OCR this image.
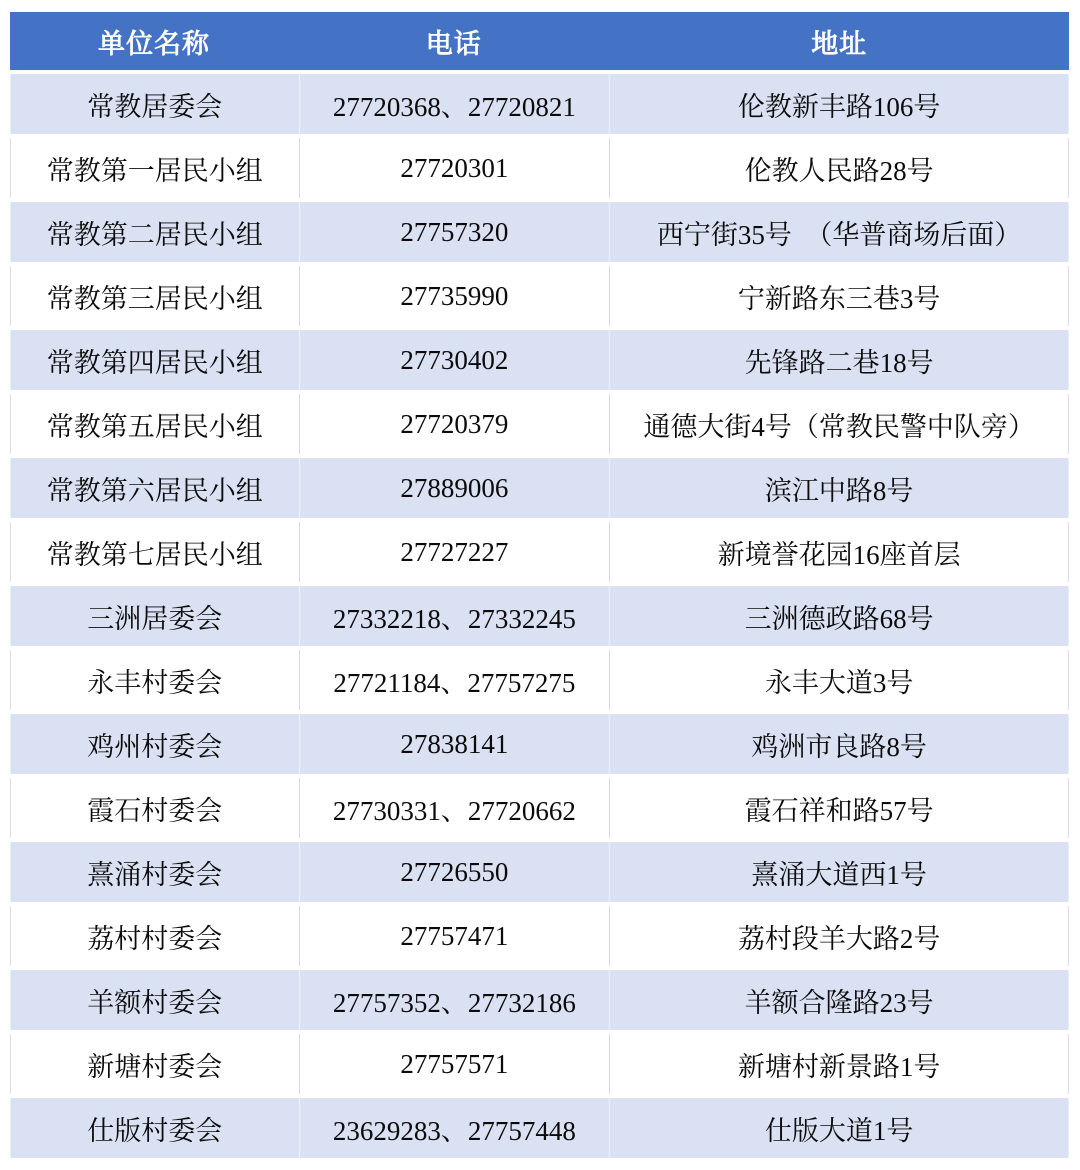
单位名称	电话	地址
常教居委会	27720368、27720821	伦教新丰路106号
常教第一居民小组	27720301	伦教人民路28号
常教第二居民小组	27757320	西宁街35号　（华普商场后面）
常教第三居民小组	27735990	宁新路东三巷3号
常教第四居民小组	27730402	先锋路二巷18号
常教第五居民小组	27720379	通德大街4号（常教民警中队旁）
常教第六居民小组	27889006	滨江中路8号
常教第七居民小组	27727227	新境誉花园16座首层
三洲居委会	27332218、27332245	三洲德政路68号
永丰村委会	27721184、27757275	永丰大道3号
鸡州村委会	27838141	鸡洲市良路8号
霞石村委会	27730331、27720662	霞石祥和路57号
熹涌村委会	27726550	熹涌大道西1号
荔村村委会	27757471	荔村段羊大路2号
羊额村委会	27757352、27732186	羊额合隆路23号
新塘村委会	27757571	新塘村新景路1号
仕版村委会	23629283、27757448	仕版大道1号
